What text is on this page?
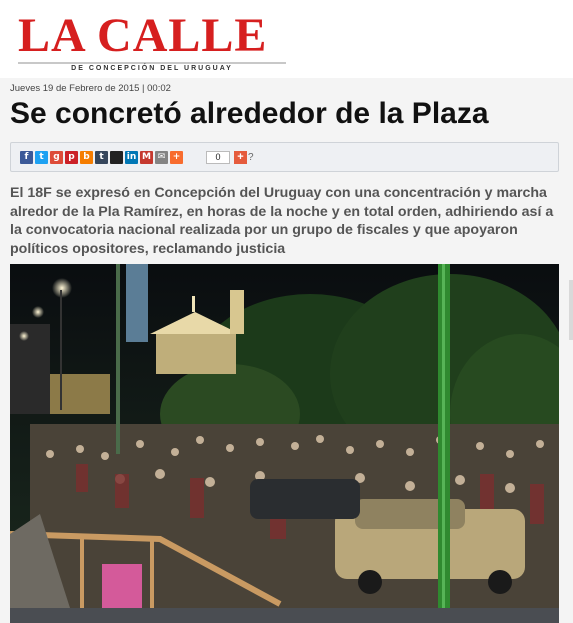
LA CALLE
DE CONCEPCIÓN DEL URUGUAY
Jueves 19 de Febrero de 2015 | 00:02
Se concretó alrededor de la Plaza
f	t	g p b	t	in M ✉ +	0	+ ?

El 18F se expresó en Concepción del Uruguay con una concentración y marcha alredor de la Pla Ramírez, en horas de la noche y en total orden, adhiriendo así a la convocatoria nacional realizada por un grupo de fiscales y que apoyaron políticos opositores, reclamando justicia
